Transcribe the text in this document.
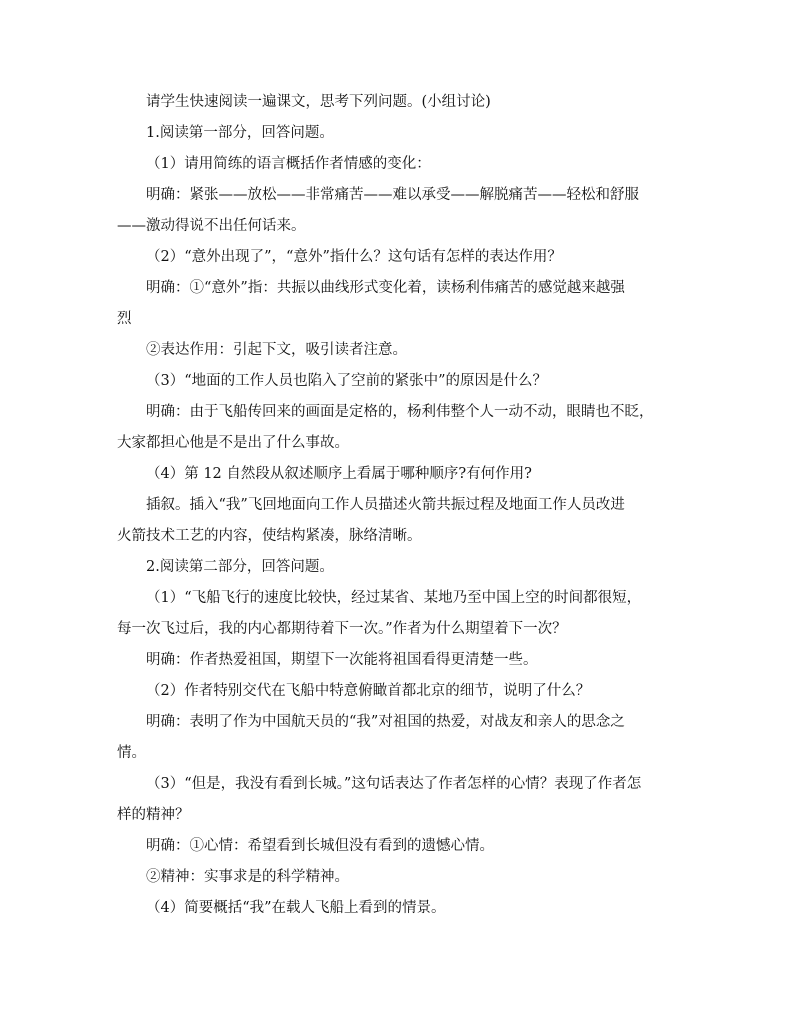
请学生快速阅读一遍课文，思考下列问题。(小组讨论)
1.阅读第一部分，回答问题。
（1）请用简练的语言概括作者情感的变化：
明确：紧张——放松——非常痛苦——难以承受——解脱痛苦——轻松和舒服
——激动得说不出任何话来。
（2）“意外出现了”，“意外”指什么？这句话有怎样的表达作用？
明确：①“意外”指：共振以曲线形式变化着，读杨利伟痛苦的感觉越来越强
烈
②表达作用：引起下文，吸引读者注意。
（3）“地面的工作人员也陷入了空前的紧张中”的原因是什么？
明确：由于飞船传回来的画面是定格的，杨利伟整个人一动不动，眼睛也不眨，
大家都担心他是不是出了什么事故。
（4）第 12 自然段从叙述顺序上看属于哪种顺序?有何作用?
插叙。插入“我”飞回地面向工作人员描述火箭共振过程及地面工作人员改进
火箭技术工艺的内容，使结构紧凑，脉络清晰。
2.阅读第二部分，回答问题。
（1）“飞船飞行的速度比较快，经过某省、某地乃至中国上空的时间都很短，
每一次飞过后，我的内心都期待着下一次。”作者为什么期望着下一次？
明确：作者热爱祖国，期望下一次能将祖国看得更清楚一些。
（2）作者特别交代在飞船中特意俯瞰首都北京的细节，说明了什么？
明确：表明了作为中国航天员的“我”对祖国的热爱，对战友和亲人的思念之
情。
（3）“但是，我没有看到长城。”这句话表达了作者怎样的心情？表现了作者怎
样的精神？
明确：①心情：希望看到长城但没有看到的遗憾心情。
②精神：实事求是的科学精神。
（4）简要概括“我”在载人飞船上看到的情景。
